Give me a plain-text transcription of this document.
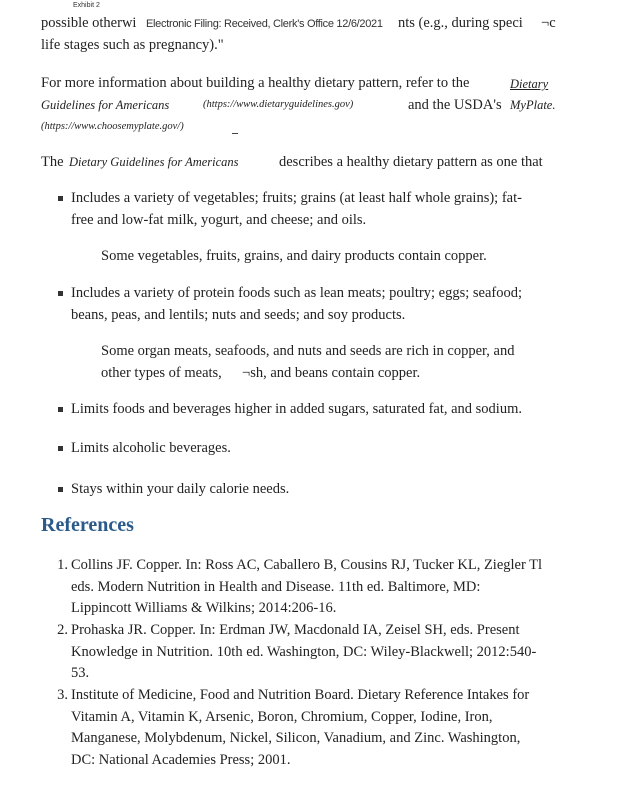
Exhibit 2
possible otherwi	nts (e.g., during speci ¬c
Electronic Filing: Received, Clerk's Office 12/6/2021
life stages such as pregnancy)."
For more information about building a healthy dietary pattern, refer to the	Dietary
Guidelines for Americans	(https://www.dietaryguidelines.gov)	and the USDA's MyPlate.
(https://www.choosemyplate.gov/)
The Dietary Guidelines for Americans	describes a healthy dietary pattern as one that
Includes a variety of vegetables; fruits; grains (at least half whole grains); fat-
free and low-fat milk, yogurt, and cheese; and oils.
Some vegetables, fruits, grains, and dairy products contain copper.
Includes a variety of protein foods such as lean meats; poultry; eggs; seafood;
beans, peas, and lentils; nuts and seeds; and soy products.
Some organ meats, seafoods, and nuts and seeds are rich in copper, and
other types of meats, ¬sh, and beans contain copper.
Limits foods and beverages higher in added sugars, saturated fat, and sodium.
Limits alcoholic beverages.
Stays within your daily calorie needs.
References
1. Collins JF. Copper. In: Ross AC, Caballero B, Cousins RJ, Tucker KL, Ziegler Tl
eds. Modern Nutrition in Health and Disease. 11th ed. Baltimore, MD:
Lippincott Williams & Wilkins; 2014:206-16.
2. Prohaska JR. Copper. In: Erdman JW, Macdonald IA, Zeisel SH, eds. Present
Knowledge in Nutrition. 10th ed. Washington, DC: Wiley-Blackwell; 2012:540-
53.
3. Institute of Medicine, Food and Nutrition Board. Dietary Reference Intakes for
Vitamin A, Vitamin K, Arsenic, Boron, Chromium, Copper, Iodine, Iron,
Manganese, Molybdenum, Nickel, Silicon, Vanadium, and Zinc. Washington,
DC: National Academies Press; 2001.
